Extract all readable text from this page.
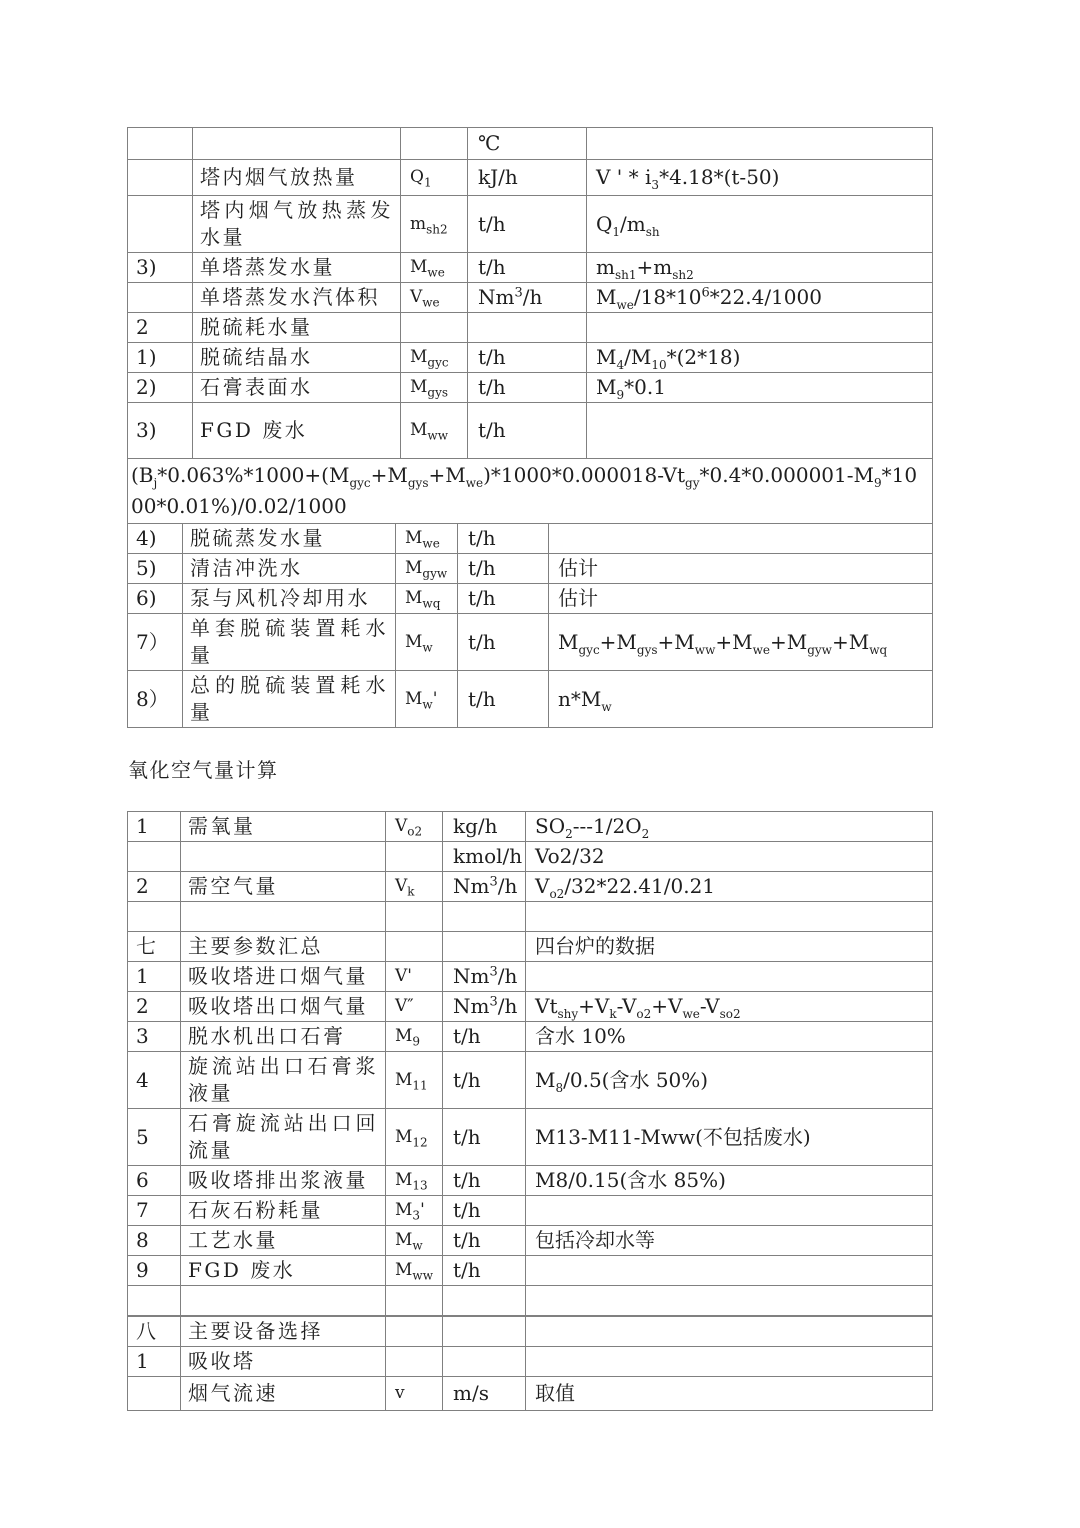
			℃	
	塔内烟气放热量	$Q_1$	kJ/h	V ' * $i_3*4.18*(t-50)$
	塔内烟气放热蒸发水量	$m_{sh2}$	t/h	$Q_1/m_{sh}$
3)	单塔蒸发水量	$M_{we}$	t/h	$m_{sh1}+m_{sh2}$
	单塔蒸发水汽体积	$V_{we}$	Nm$^3$/h	$M_{we}/18*10^6*22.4/1000$
2	脱硫耗水量			
1)	脱硫结晶水	$M_{gyc}$	t/h	$M_4/M_{10}*(2*18)$
2)	石膏表面水	$M_{gys}$	t/h	$M_9*0.1$
3)	FGD 废水	$M_{ww}$	t/h	
$(B_j*0.063\%*1000+(M_{gyc}+M_{gys}+M_{we})*1000*0.000018-Vt_{gy}*0.4*0.000001-M_9*1000*0.01\%)/0.02/1000$
4)	脱硫蒸发水量	$M_{we}$	t/h	
5)	清洁冲洗水	$M_{gyw}$	t/h	估计
6)	泵与风机冷却用水	$M_{wq}$	t/h	估计
7）	单套脱硫装置耗水量	$M_w$	t/h	$M_{gyc}+M_{gys}+M_{ww}+M_{we}+M_{gyw}+M_{wq}$
8）	总的脱硫装置耗水量	$M_w'$	t/h	$n*M_w$
氧化空气量计算
1	需氧量	$V_{o2}$	kg/h	$SO_2---1/2O_2$
			kmol/h	Vo2/32
2	需空气量	$V_k$	Nm$^3$/h	$V_{o2}/32*22.41/0.21$

七	主要参数汇总			四台炉的数据
1	吸收塔进口烟气量	V'	Nm$^3$/h	
2	吸收塔出口烟气量	V″	Nm$^3$/h	$Vt_{shy}+V_k-V_{o2}+V_{we}-V_{so2}$
3	脱水机出口石膏	$M_9$	t/h	含水 10%
4	旋流站出口石膏浆液量	$M_{11}$	t/h	$M_8/0.5$(含水 50%)
5	石膏旋流站出口回流量	$M_{12}$	t/h	M13-M11-Mww(不包括废水)
6	吸收塔排出浆液量	$M_{13}$	t/h	M8/0.15(含水 85%)
7	石灰石粉耗量	$M_3'$	t/h	
8	工艺水量	$M_w$	t/h	包括冷却水等
9	FGD 废水	$M_{ww}$	t/h	

八	主要设备选择			
1	吸收塔			
	烟气流速	v	m/s	取值
